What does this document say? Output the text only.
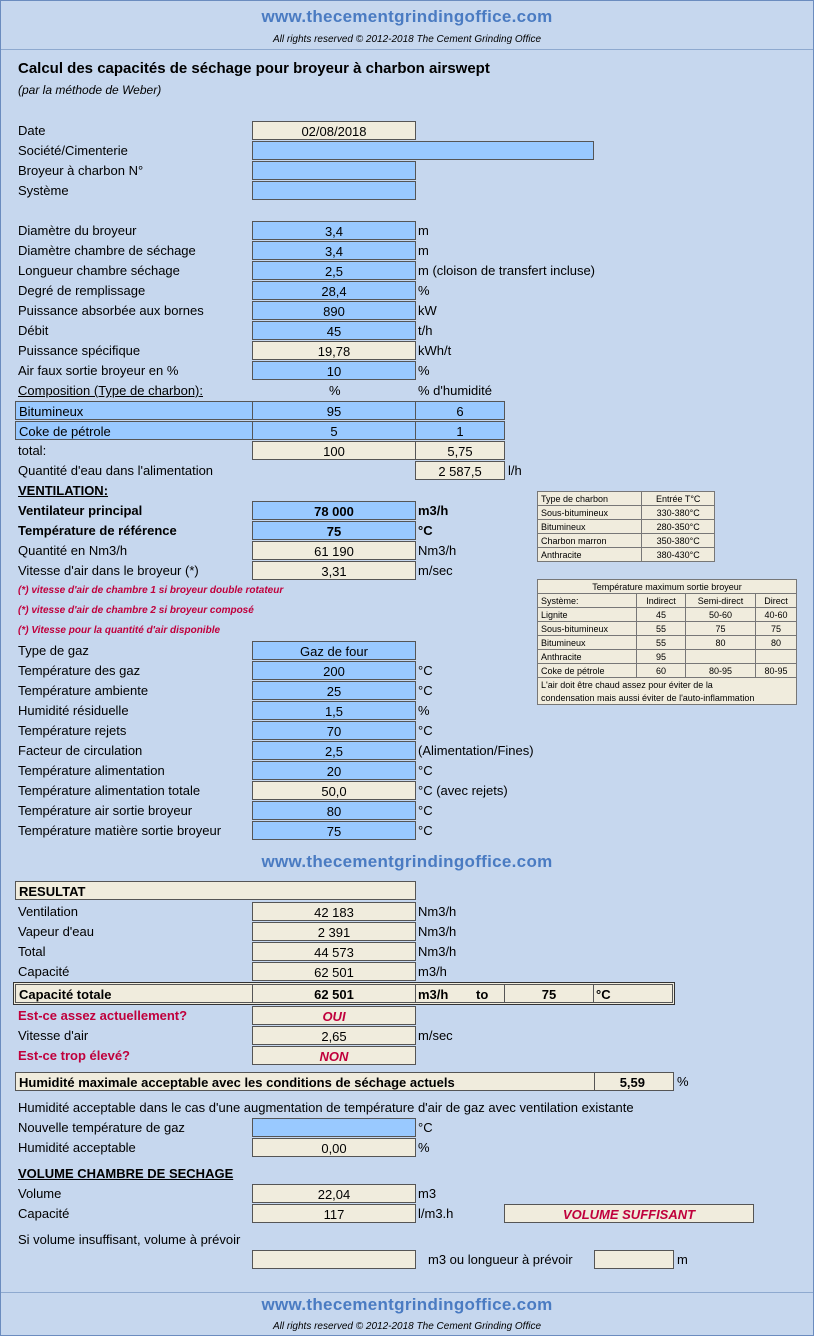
www.thecementgrindingoffice.com
All rights reserved © 2012-2018 The Cement Grinding Office
Calcul des capacités de séchage pour broyeur à charbon airswept
(par la méthode de Weber)
Date	02/08/2018
Société/Cimenterie
Broyeur à charbon N°
Système
Diamètre du broyeur	3,4	m
Diamètre chambre de séchage	3,4	m
Longueur chambre séchage	2,5	m (cloison de transfert incluse)
Degré de remplissage	28,4	%
Puissance absorbée aux bornes	890	kW
Débit	45	t/h
Puissance spécifique	19,78	kWh/t
Air faux sortie broyeur en %	10	%
Composition (Type de charbon):	%	% d'humidité
Bitumineux	95	6
Coke de pétrole	5	1
total:	100	5,75
Quantité d'eau dans l'alimentation	2 587,5	l/h
VENTILATION:
Ventilateur principal	78 000	m3/h
Température de référence	75	°C
Quantité en Nm3/h	61 190	Nm3/h
Vitesse d'air dans le broyeur (*)	3,31	m/sec
(*) vitesse d'air de chambre 1 si broyeur double rotateur
(*) vitesse d'air de chambre 2 si broyeur composé
(*) Vitesse pour la quantité d'air disponible
Type de gaz	Gaz de four
Température des gaz	200	°C
Température ambiente	25	°C
Humidité résiduelle	1,5	%
Température rejets	70	°C
Facteur de circulation	2,5	(Alimentation/Fines)
Température alimentation	20	°C
Température alimentation totale	50,0	°C (avec rejets)
Température air sortie broyeur	80	°C
Température matière sortie broyeur	75	°C
Type de charbon	Entrée T°C
Sous-bitumineux	330-380°C
Bitumineux	280-350°C
Charbon marron	350-380°C
Anthracite	380-430°C
Température maximum sortie broyeur			
Système:	Indirect	Semi-direct	Direct
Lignite	45	50-60	40-60
Sous-bitumineux	55	75	75
Bitumineux	55	80	80
Anthracite	95		
Coke de pétrole	60	80-95	80-95
L'air doit être chaud assez pour éviter de la			
condensation mais aussi éviter de l'auto-inflammation			
www.thecementgrindingoffice.com
RESULTAT
Ventilation	42 183	Nm3/h
Vapeur d'eau	2 391	Nm3/h
Total	44 573	Nm3/h
Capacité	62 501	m3/h
Capacité totale	62 501	m3/h	to	75	°C
Est-ce assez actuellement?	OUI
Vitesse d'air	2,65	m/sec
Est-ce trop élevé?	NON
Humidité maximale acceptable avec les conditions de séchage actuels	5,59	%
Humidité acceptable dans le cas d'une augmentation de température d'air de gaz avec ventilation existante
Nouvelle température de gaz	°C
Humidité acceptable	0,00	%
VOLUME CHAMBRE DE SECHAGE
Volume	22,04	m3
Capacité	117	l/m3.h	VOLUME SUFFISANT
Si volume insuffisant, volume à prévoir
m3 ou longueur à prévoir	m
www.thecementgrindingoffice.com
All rights reserved © 2012-2018 The Cement Grinding Office
